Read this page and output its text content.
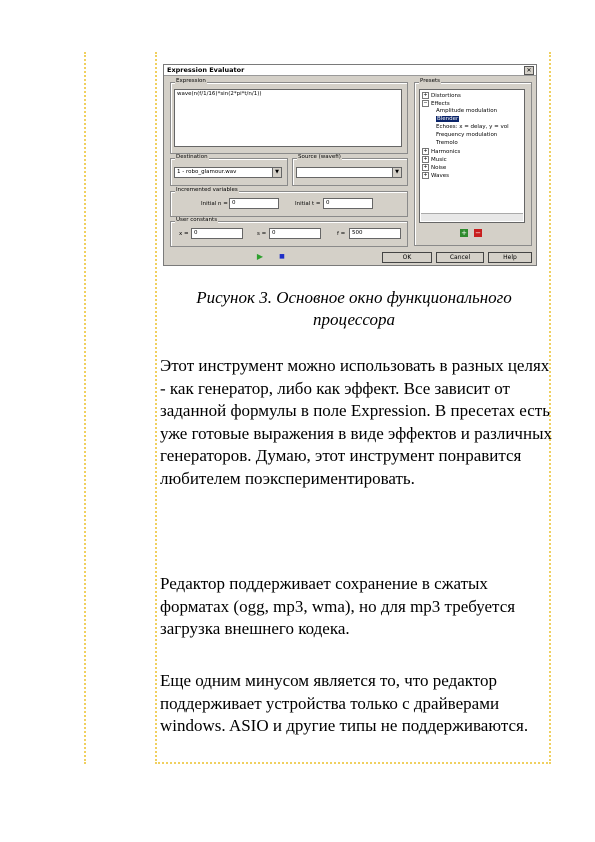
Expression Evaluator	✕
Expression
wave(n(f/1/16)*sin(2*pi*t/n/1))
Presets
+ Distortions
− Effects
Amplitude modulation
Blender
Echoes: x = delay, y = vol
Frequency modulation
Tremolo
+ Harmonics
+ Music
+ Noise
+ Waves
+ −
Destination
1 - robo_glamour.wav	▼
Source (wavefi)
▼
Incremented variables
Initial n = 0	Initial t =	0
User constants
x = 0	s =	0	f =	500
▶	■	OK	Cancel	Help
Рисунок 3. Основное окно функционального процессора

Этот инструмент можно использовать в разных целях - как генератор, либо как эффект. Все зависит от заданной формулы в поле Expression. В пресетах есть уже готовые выражения в виде эффектов и различных генераторов. Думаю, этот инструмент понравится любителем поэкспериментировать.

Редактор поддерживает сохранение в сжатых форматах (ogg, mp3, wma), но для mp3 требуется загрузка внешнего кодека.

Еще одним минусом является то, что редактор поддерживает устройства только с драйверами windows. ASIO и другие типы не поддерживаются.
